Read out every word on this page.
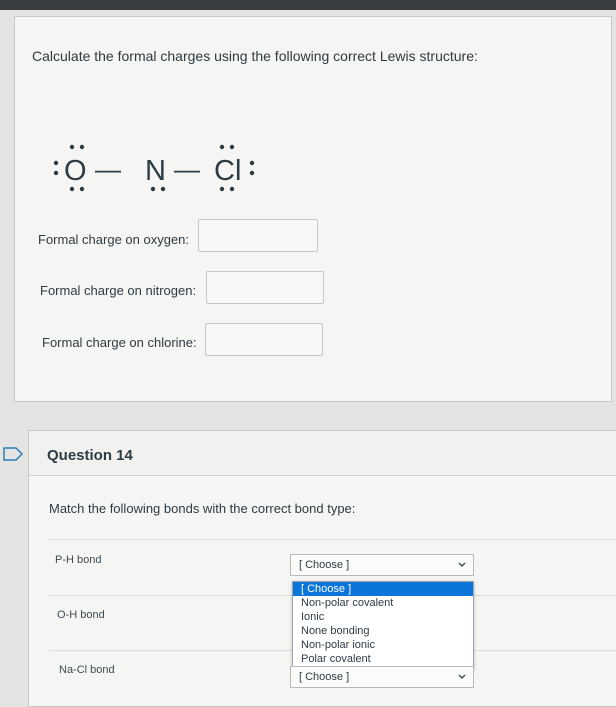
Calculate the formal charges using the following correct Lewis structure:
O — N — Cl
Formal charge on oxygen:
Formal charge on nitrogen:
Formal charge on chlorine:
Question 14
Match the following bonds with the correct bond type:
P-H bond
O-H bond
Na-Cl bond
[ Choose ]
[ Choose ]
Non-polar covalent
Ionic
None bonding
Non-polar ionic
Polar covalent
[ Choose ]
